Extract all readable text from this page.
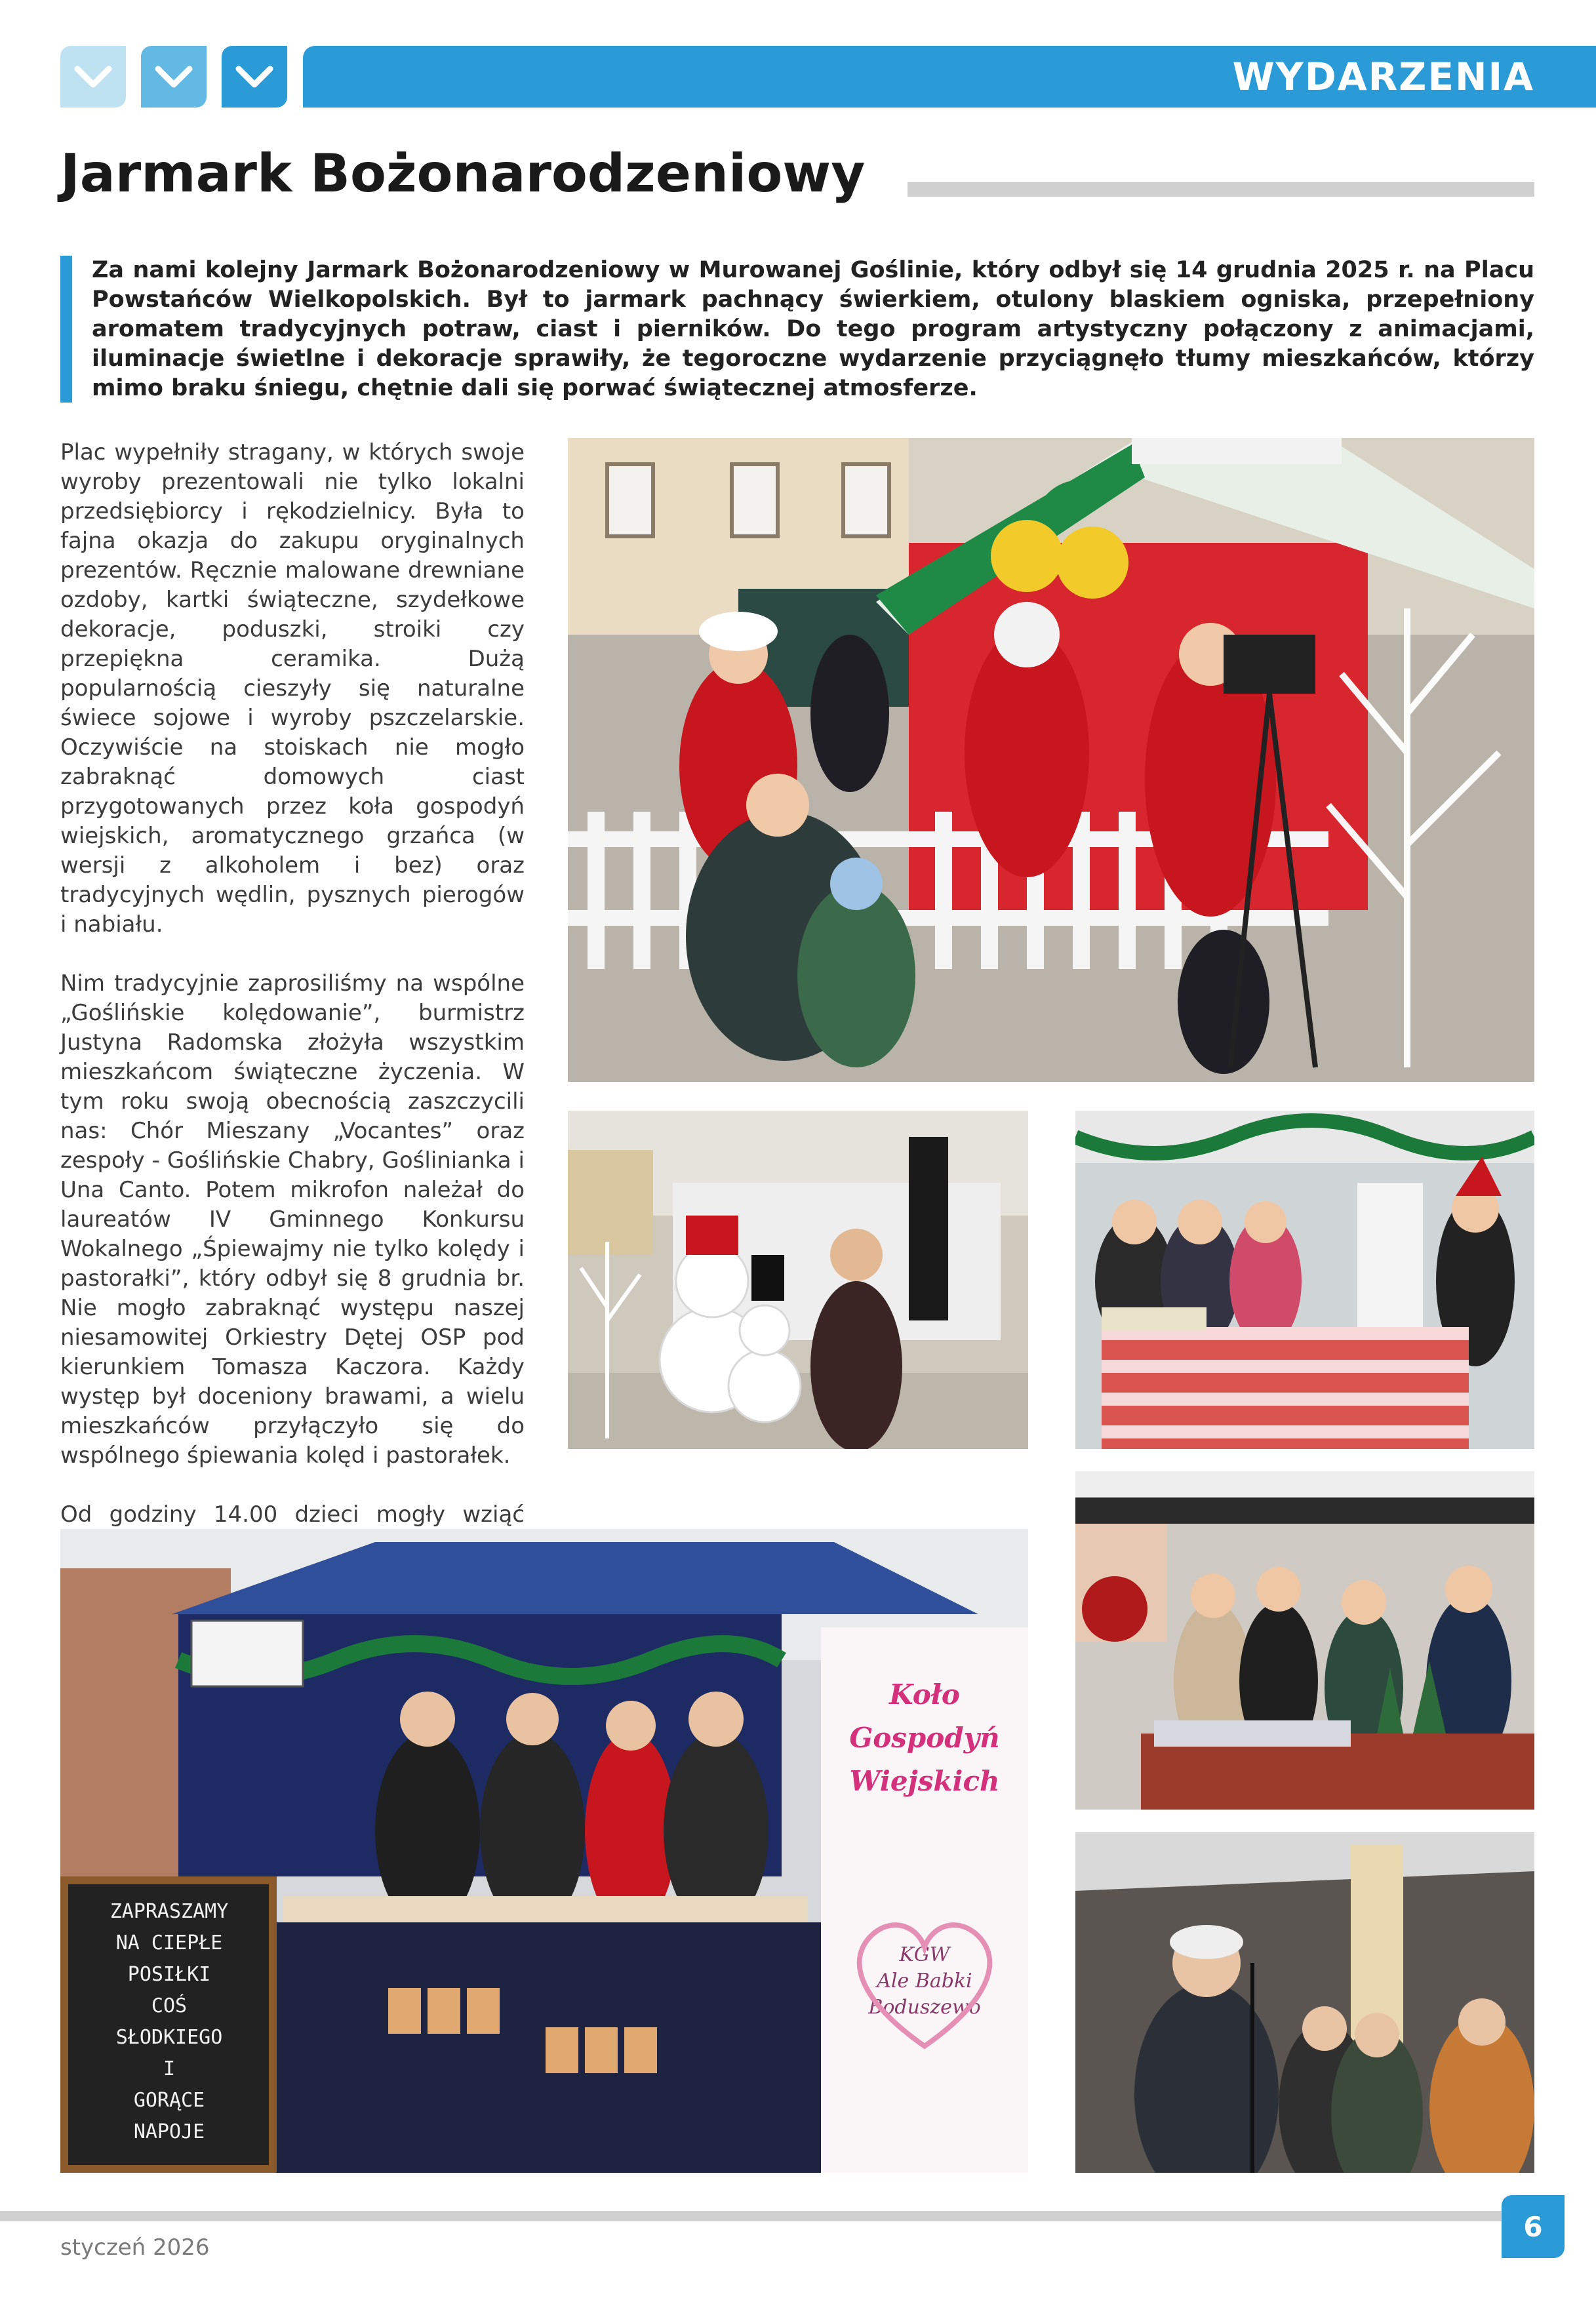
WYDARZENIA
Jarmark Bożonarodzeniowy

Za nami kolejny Jarmark Bożonarodzeniowy w Murowanej Goślinie, który odbył się 14 grudnia 2025 r. na Placu Powstańców Wielkopolskich. Był to jarmark pachnący świerkiem, otulony blaskiem ogniska, przepełniony aromatem tradycyjnych potraw, ciast i pierników. Do tego program artystyczny połączony z animacjami, iluminacje świetlne i dekoracje sprawiły, że tegoroczne wydarzenie przyciągnęło tłumy mieszkańców, którzy mimo braku śniegu, chętnie dali się porwać świątecznej atmosferze.

Plac wypełniły stragany, w których swoje wyroby prezentowali nie tylko lokalni przedsiębiorcy i rękodzielnicy. Była to fajna okazja do zakupu oryginalnych prezentów. Ręcznie malowane drewniane ozdoby, kartki świąteczne, szydełkowe dekoracje, poduszki, stroiki czy przepiękna ceramika. Dużą popularnością cieszyły się naturalne świece sojowe i wyroby pszczelarskie. Oczywiście na stoiskach nie mogło zabraknąć domowych ciast przygotowanych przez koła gospodyń wiejskich, aromatycznego grzańca (w wersji z alkoholem i bez) oraz tradycyjnych wędlin, pysznych pierogów i nabiału.

Nim tradycyjnie zaprosiliśmy na wspólne „Goślińskie kolędowanie”, burmistrz Justyna Radomska złożyła wszystkim mieszkańcom świąteczne życzenia. W tym roku swoją obecnością zaszczycili nas: Chór Mieszany „Vocantes” oraz zespoły - Goślińskie Chabry, Goślinianka i Una Canto. Potem mikrofon należał do laureatów IV Gminnego Konkursu Wokalnego „Śpiewajmy nie tylko kolędy i pastorałki”, który odbył się 8 grudnia br. Nie mogło zabraknąć występu naszej niesamowitej Orkiestry Dętej OSP pod kierunkiem Tomasza Kaczora. Każdy występ był doceniony brawami, a wielu mieszkańców przyłączyło się do wspólnego śpiewania kolęd i pastorałek.

Od godziny 14.00 dzieci mogły wziąć

Koło
Gospodyń
Wiejskich
KGW
Ale Babki
Boduszewo
ZAPRASZAMY
NA CIEPŁE
POSIŁKI
COŚ
SŁODKIEGO
I
GORĄCE
NAPOJE
styczeń 2026
6
